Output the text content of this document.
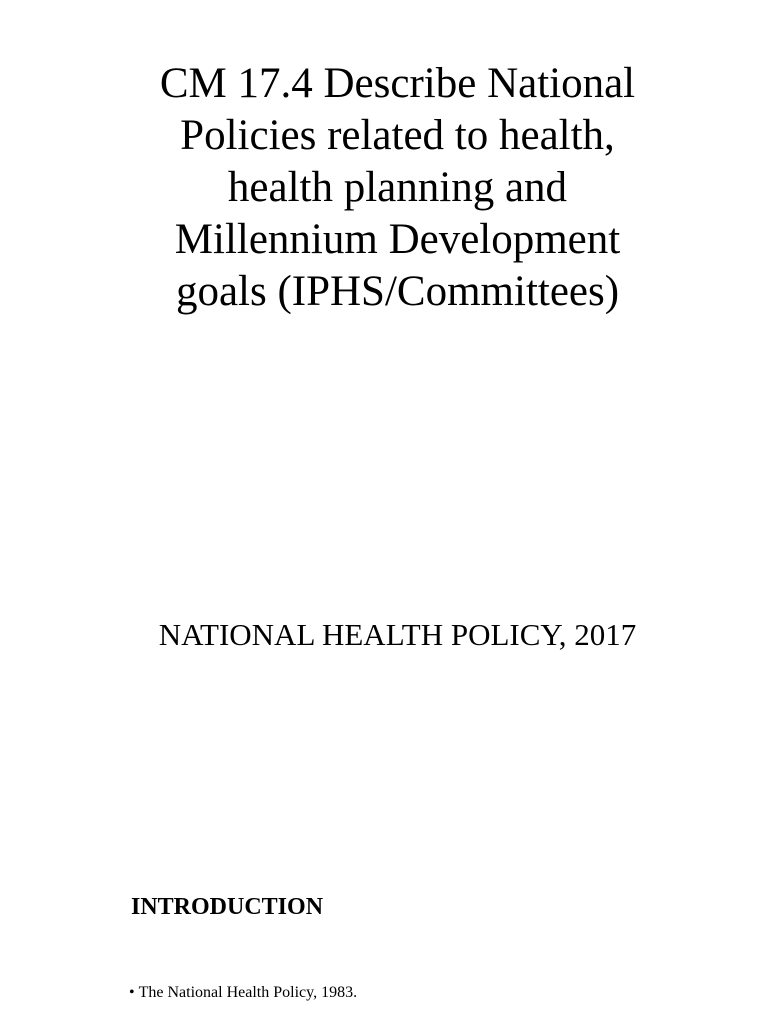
CM 17.4 Describe National
Policies related to health,
health planning and
Millennium Development
goals (IPHS/Committees)
NATIONAL HEALTH POLICY, 2017
INTRODUCTION
• The National Health Policy, 1983.
